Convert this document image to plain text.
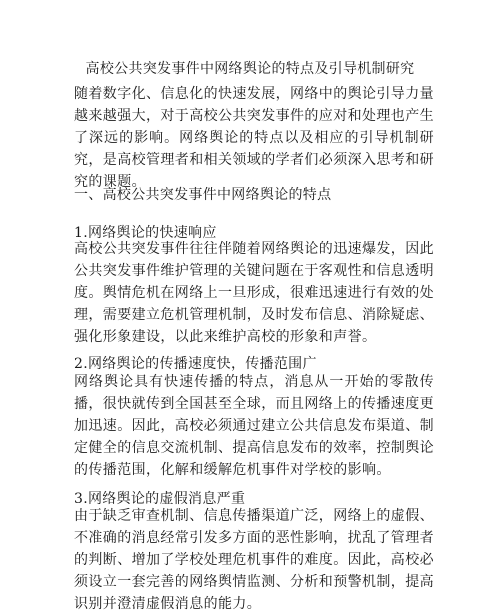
高校公共突发事件中网络舆论的特点及引导机制研究

随着数字化、信息化的快速发展，网络中的舆论引导力量越来越强大，对于高校公共突发事件的应对和处理也产生了深远的影响。网络舆论的特点以及相应的引导机制研究，是高校管理者和相关领域的学者们必须深入思考和研究的课题。

一、高校公共突发事件中网络舆论的特点
1.网络舆论的快速响应

高校公共突发事件往往伴随着网络舆论的迅速爆发，因此公共突发事件维护管理的关键问题在于客观性和信息透明度。舆情危机在网络上一旦形成，很难迅速进行有效的处理，需要建立危机管理机制，及时发布信息、消除疑虑、强化形象建设，以此来维护高校的形象和声誉。

2.网络舆论的传播速度快，传播范围广

网络舆论具有快速传播的特点，消息从一开始的零散传播，很快就传到全国甚至全球，而且网络上的传播速度更加迅速。因此，高校必须通过建立公共信息发布渠道、制定健全的信息交流机制、提高信息发布的效率，控制舆论的传播范围，化解和缓解危机事件对学校的影响。

3.网络舆论的虚假消息严重

由于缺乏审查机制、信息传播渠道广泛，网络上的虚假、不准确的消息经常引发多方面的恶性影响，扰乱了管理者的判断、增加了学校处理危机事件的难度。因此，高校必须设立一套完善的网络舆情监测、分析和预警机制，提高识别并澄清虚假消息的能力。
